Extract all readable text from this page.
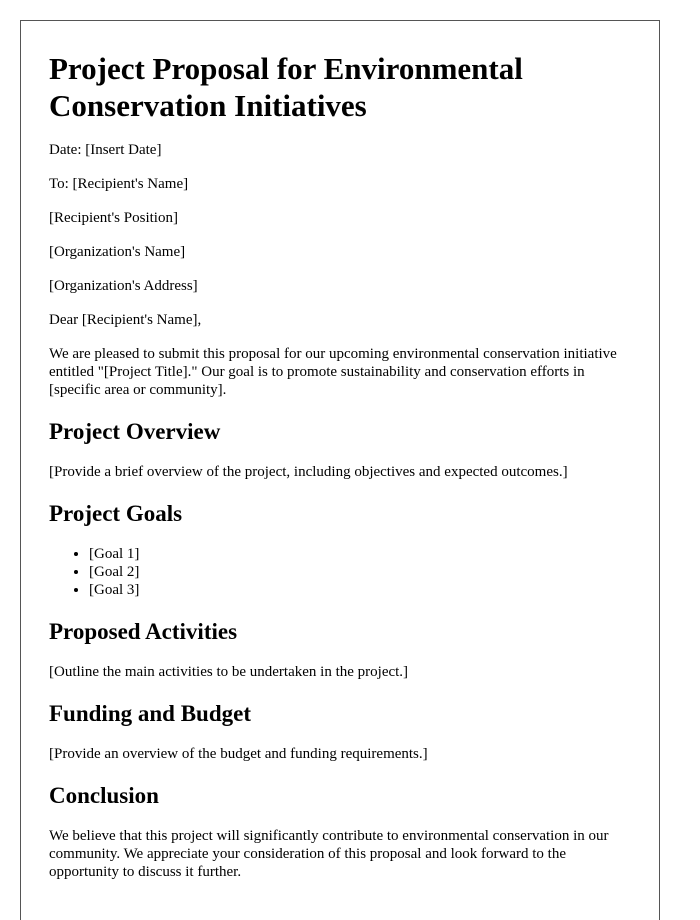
Project Proposal for Environmental Conservation Initiatives

Date: [Insert Date]

To: [Recipient's Name]

[Recipient's Position]

[Organization's Name]

[Organization's Address]

Dear [Recipient's Name],

We are pleased to submit this proposal for our upcoming environmental conservation initiative entitled "[Project Title]." Our goal is to promote sustainability and conservation efforts in [specific area or community].

Project Overview

[Provide a brief overview of the project, including objectives and expected outcomes.]

Project Goals
• [Goal 1]
• [Goal 2]
• [Goal 3]
Proposed Activities

[Outline the main activities to be undertaken in the project.]

Funding and Budget

[Provide an overview of the budget and funding requirements.]

Conclusion

We believe that this project will significantly contribute to environmental conservation in our community. We appreciate your consideration of this proposal and look forward to the opportunity to discuss it further.
